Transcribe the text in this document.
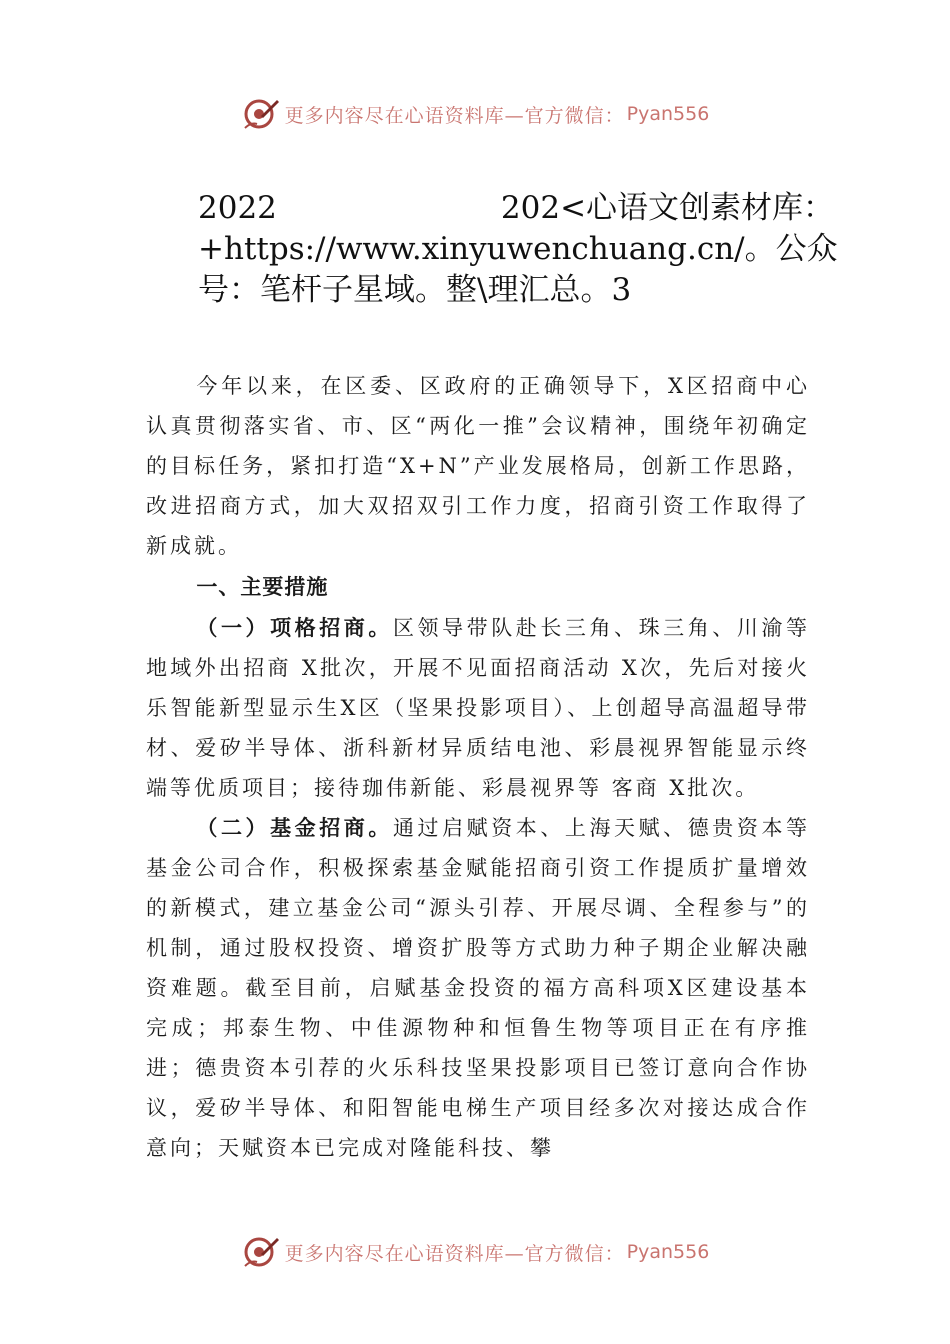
更多内容尽在心语资料库—官方微信： Pyan556
2022	202<心语文创素材库：+https://www.xinyuwenchuang.cn/。公众号：笔杆子星域。整\理汇总。3

今年以来，在区委、区政府的正确领导下，X区招商中心认真贯彻落实省、市、区“两化一推”会议精神，围绕年初确定的目标任务，紧扣打造“X+N”产业发展格局，创新工作思路，改进招商方式，加大双招双引工作力度，招商引资工作取得了新成就。

一、主要措施

（一）项格招商。区领导带队赴长三角、珠三角、川渝等地域外出招商 X批次，开展不见面招商活动 X次，先后对接火乐智能新型显示生X区（坚果投影项目）、上创超导高温超导带材、爱矽半导体、浙科新材异质结电池、彩晨视界智能显示终端等优质项目；接待珈伟新能、彩晨视界等 客商 X批次。

（二）基金招商。通过启赋资本、上海天赋、德贵资本等基金公司合作，积极探索基金赋能招商引资工作提质扩量增效的新模式，建立基金公司“源头引荐、开展尽调、全程参与”的机制，通过股权投资、增资扩股等方式助力种子期企业解决融资难题。截至目前，启赋基金投资的福方高科项X区建设基本完成；邦泰生物、中佳源物种和恒鲁生物等项目正在有序推进；德贵资本引荐的火乐科技坚果投影项目已签订意向合作协议，爱矽半导体、和阳智能电梯生产项目经多次对接达成合作意向；天赋资本已完成对隆能科技、攀

更多内容尽在心语资料库—官方微信： Pyan556
